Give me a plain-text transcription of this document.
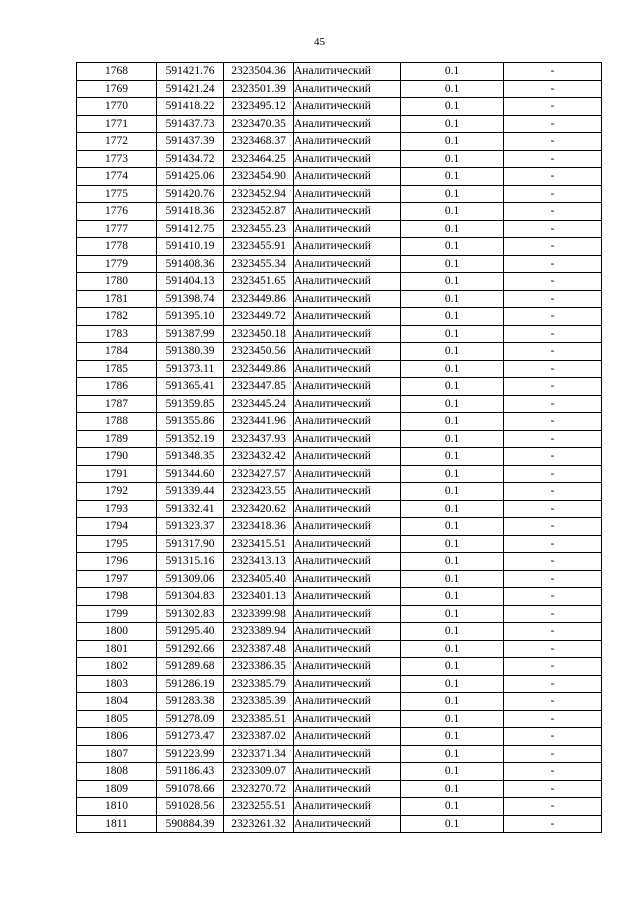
45
1768	591421.76	2323504.36	Аналитический	0.1	-
1769	591421.24	2323501.39	Аналитический	0.1	-
1770	591418.22	2323495.12	Аналитический	0.1	-
1771	591437.73	2323470.35	Аналитический	0.1	-
1772	591437.39	2323468.37	Аналитический	0.1	-
1773	591434.72	2323464.25	Аналитический	0.1	-
1774	591425.06	2323454.90	Аналитический	0.1	-
1775	591420.76	2323452.94	Аналитический	0.1	-
1776	591418.36	2323452.87	Аналитический	0.1	-
1777	591412.75	2323455.23	Аналитический	0.1	-
1778	591410.19	2323455.91	Аналитический	0.1	-
1779	591408.36	2323455.34	Аналитический	0.1	-
1780	591404.13	2323451.65	Аналитический	0.1	-
1781	591398.74	2323449.86	Аналитический	0.1	-
1782	591395.10	2323449.72	Аналитический	0.1	-
1783	591387.99	2323450.18	Аналитический	0.1	-
1784	591380.39	2323450.56	Аналитический	0.1	-
1785	591373.11	2323449.86	Аналитический	0.1	-
1786	591365.41	2323447.85	Аналитический	0.1	-
1787	591359.85	2323445.24	Аналитический	0.1	-
1788	591355.86	2323441.96	Аналитический	0.1	-
1789	591352.19	2323437.93	Аналитический	0.1	-
1790	591348.35	2323432.42	Аналитический	0.1	-
1791	591344.60	2323427.57	Аналитический	0.1	-
1792	591339.44	2323423.55	Аналитический	0.1	-
1793	591332.41	2323420.62	Аналитический	0.1	-
1794	591323.37	2323418.36	Аналитический	0.1	-
1795	591317.90	2323415.51	Аналитический	0.1	-
1796	591315.16	2323413.13	Аналитический	0.1	-
1797	591309.06	2323405.40	Аналитический	0.1	-
1798	591304.83	2323401.13	Аналитический	0.1	-
1799	591302.83	2323399.98	Аналитический	0.1	-
1800	591295.40	2323389.94	Аналитический	0.1	-
1801	591292.66	2323387.48	Аналитический	0.1	-
1802	591289.68	2323386.35	Аналитический	0.1	-
1803	591286.19	2323385.79	Аналитический	0.1	-
1804	591283.38	2323385.39	Аналитический	0.1	-
1805	591278.09	2323385.51	Аналитический	0.1	-
1806	591273.47	2323387.02	Аналитический	0.1	-
1807	591223.99	2323371.34	Аналитический	0.1	-
1808	591186.43	2323309.07	Аналитический	0.1	-
1809	591078.66	2323270.72	Аналитический	0.1	-
1810	591028.56	2323255.51	Аналитический	0.1	-
1811	590884.39	2323261.32	Аналитический	0.1	-
